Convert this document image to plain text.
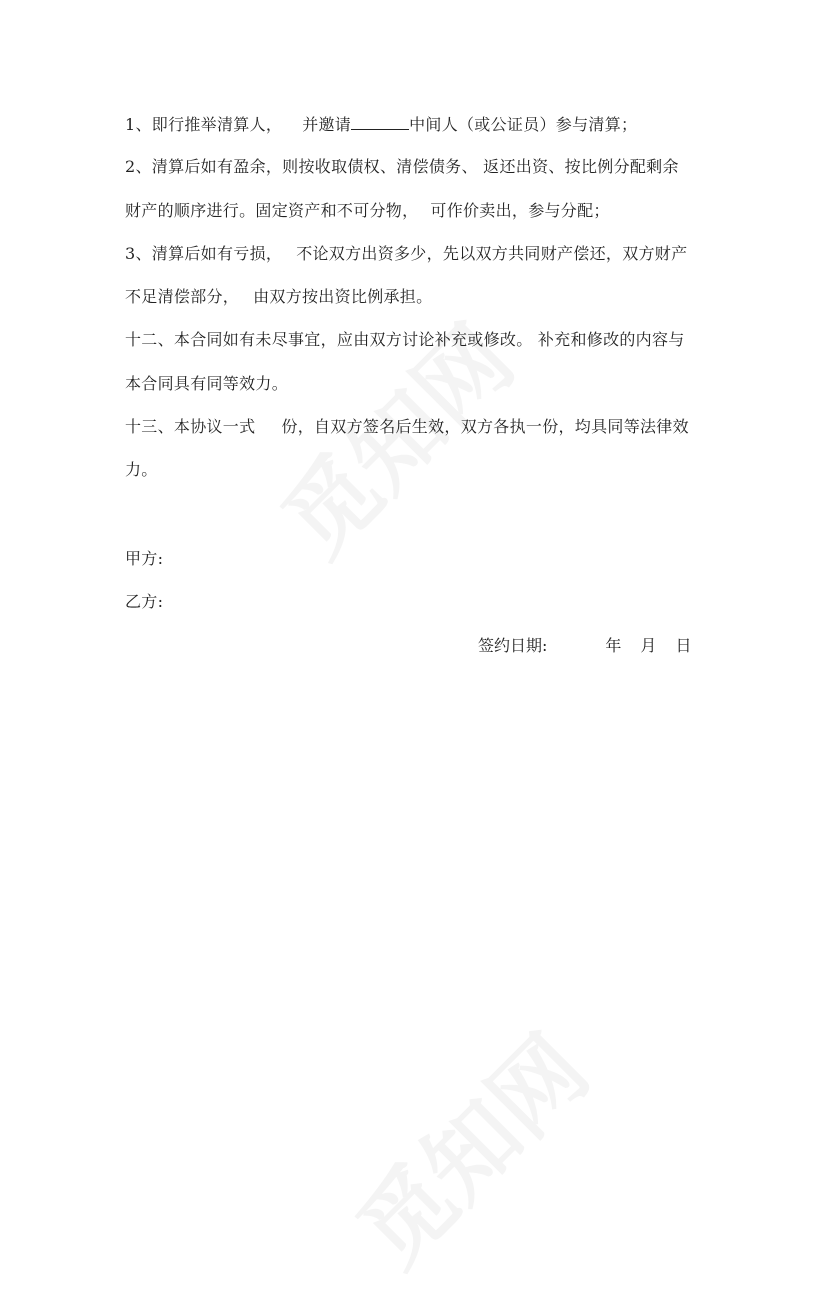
1、即行推举清算人， 并邀请	中间人（或公证员）参与清算；
2、清算后如有盈余，则按收取债权、清偿债务、 返还出资、按比例分配剩余
财产的顺序进行。固定资产和不可分物， 可作价卖出，参与分配；
3、清算后如有亏损， 不论双方出资多少，先以双方共同财产偿还，双方财产
不足清偿部分， 由双方按出资比例承担。
十二、本合同如有未尽事宜，应由双方讨论补充或修改。 补充和修改的内容与
本合同具有同等效力。
十三、本协议一式 份，自双方签名后生效，双方各执一份，均具同等法律效
力。
甲方:
乙方:
签约日期:	年 月 日
